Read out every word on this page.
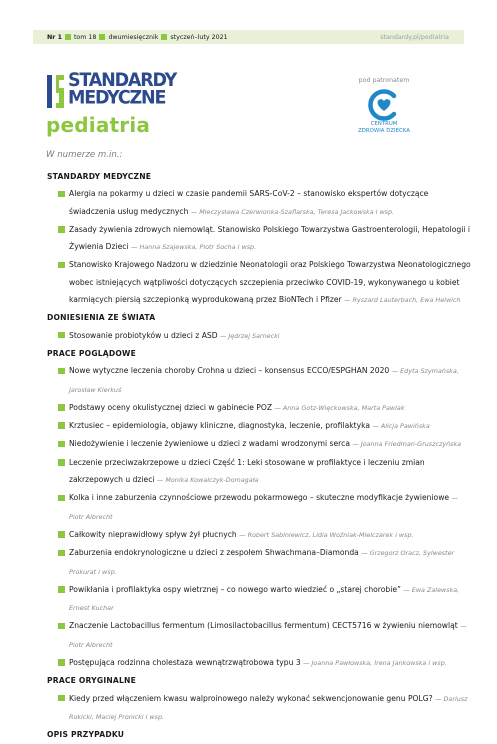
Nr 1 tom 18 dwumiesięcznik styczeń–luty 2021	standardy.pl/pediatria
STANDARDY
MEDYCZNE
pediatria
pod patronatem
CENTRUM
ZDROWIA DZIECKA
W numerze m.in.:
STANDARDY MEDYCZNE
Alergia na pokarmy u dzieci w czasie pandemii SARS-CoV-2 – stanowisko ekspertów dotyczące świadczenia usług medycznych — Mieczysława Czerwionka-Szaflarska, Teresa Jackowska i wsp.
Zasady żywienia zdrowych niemowląt. Stanowisko Polskiego Towarzystwa Gastroenterologii, Hepatologii i Żywienia Dzieci — Hanna Szajewska, Piotr Socha i wsp.
Stanowisko Krajowego Nadzoru w dziedzinie Neonatologii oraz Polskiego Towarzystwa Neonatologicznego wobec istniejących wątpliwości dotyczących szczepienia przeciwko COVID-19, wykonywanego u kobiet karmiących piersią szczepionką wyprodukowaną przez BioNTech i Pfizer — Ryszard Lauterbach, Ewa Helwich
DONIESIENIA ZE ŚWIATA
Stosowanie probiotyków u dzieci z ASD — Jędrzej Sarnecki
PRACE POGLĄDOWE
Nowe wytyczne leczenia choroby Crohna u dzieci – konsensus ECCO/ESPGHAN 2020 — Edyta Szymańska, Jarosław Kierkuś
Podstawy oceny okulistycznej dzieci w gabinecie POZ — Anna Gotz-Więckowska, Marta Pawlak
Krztusiec – epidemiologia, objawy kliniczne, diagnostyka, leczenie, profilaktyka — Alicja Pawińska
Niedożywienie i leczenie żywieniowe u dzieci z wadami wrodzonymi serca — Joanna Friedman-Gruszczyńska
Leczenie przeciwzakrzepowe u dzieci Część 1: Leki stosowane w profilaktyce i leczeniu zmian zakrzepowych u dzieci — Monika Kowalczyk-Domagała
Kolka i inne zaburzenia czynnościowe przewodu pokarmowego – skuteczne modyfikacje żywieniowe — Piotr Albrecht
Całkowity nieprawidłowy spływ żył płucnych — Robert Sabiniewicz, Lidia Woźniak-Mielczarek i wsp.
Zaburzenia endokrynologiczne u dzieci z zespołem Shwachmana–Diamonda — Grzegorz Oracz, Sylwester Prokurat i wsp.
Powikłania i profilaktyka ospy wietrznej – co nowego warto wiedzieć o „starej chorobie” — Ewa Zalewska, Ernest Kuchar
Znaczenie Lactobacillus fermentum (Limosilactobacillus fermentum) CECT5716 w żywieniu niemowląt — Piotr Albrecht
Postępująca rodzinna cholestaza wewnątrzwątrobowa typu 3 — Joanna Pawłowska, Irena Jankowska i wsp.
PRACE ORYGINALNE
Kiedy przed włączeniem kwasu walproinowego należy wykonać sekwencjonowanie genu POLG? — Dariusz Rokicki, Maciej Pronicki i wsp.
OPIS PRZYPADKU
